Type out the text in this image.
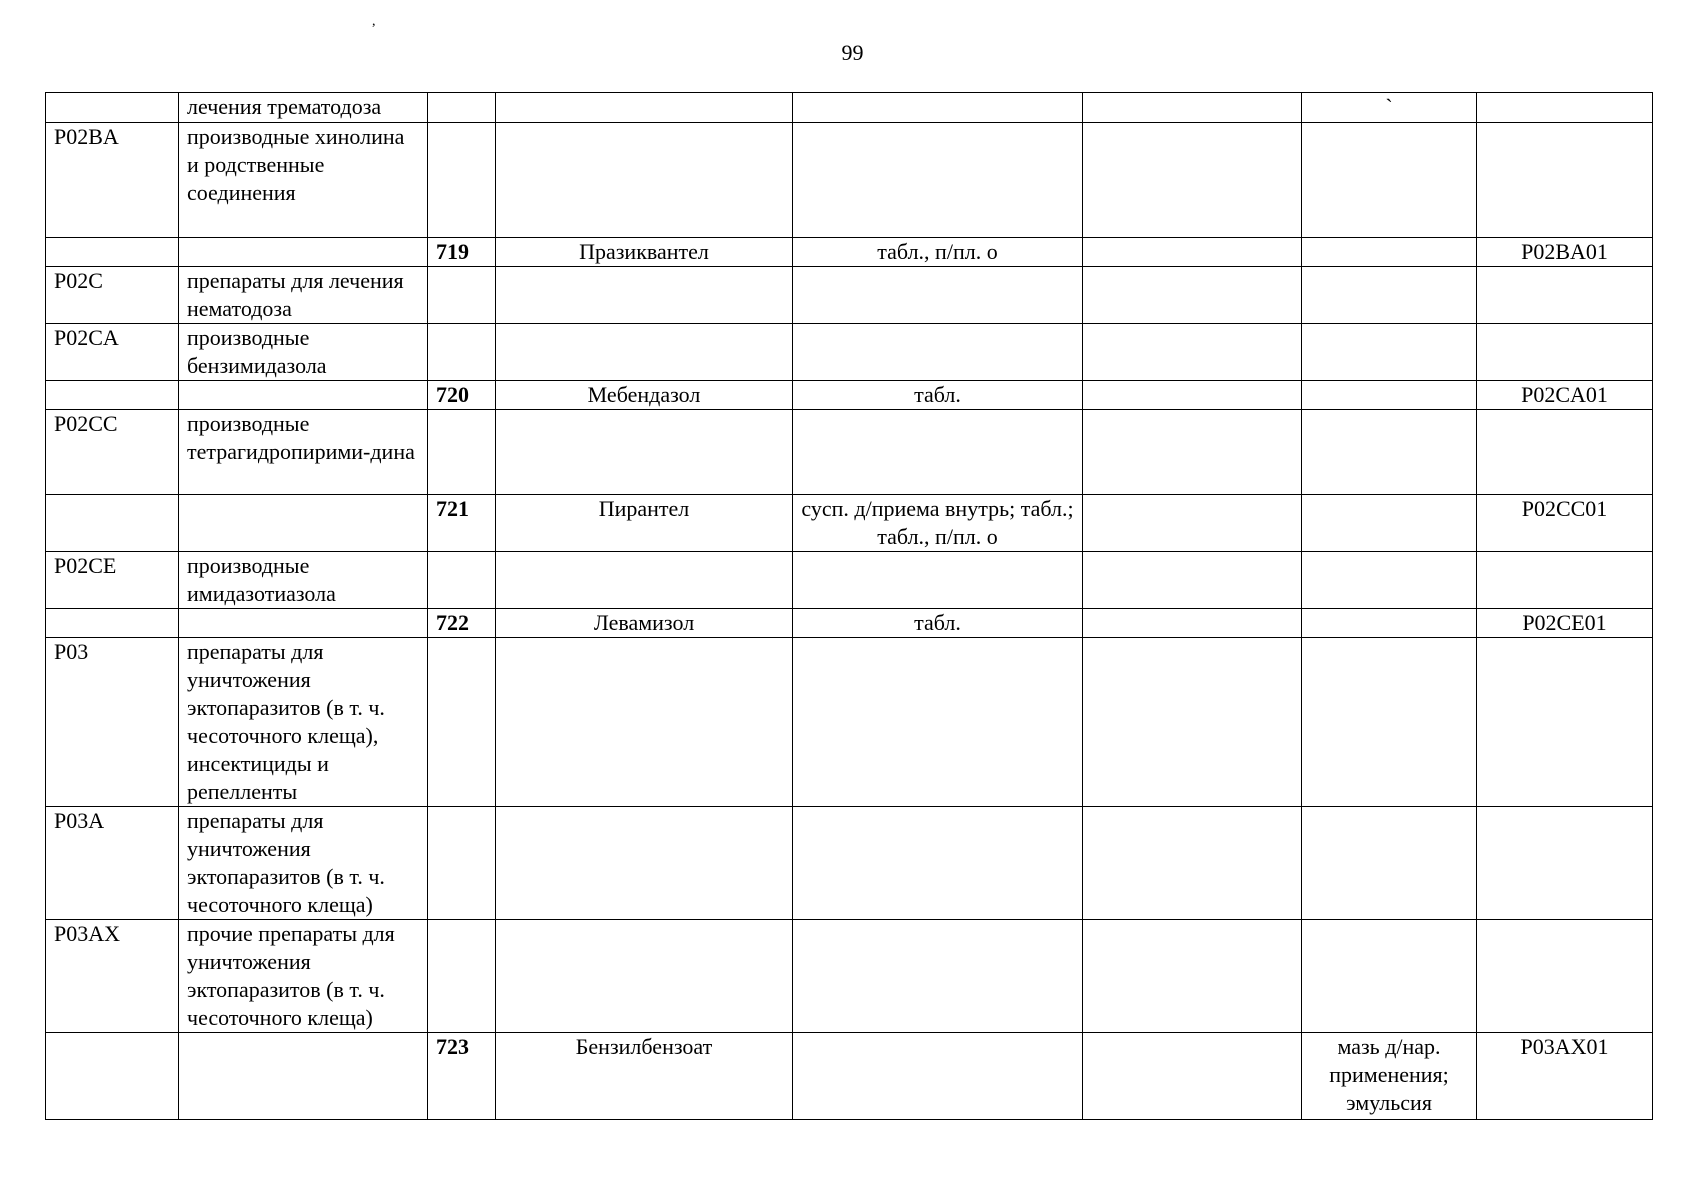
,
99
	лечения трематодоза					`	
P02BA	производные хинолина и родственные соединения						
		719	Празиквантел	табл., п/пл. о			P02BA01
P02C	препараты для лечения нематодоза						
P02CA	производные бензимидазола						
		720	Мебендазол	табл.			P02CA01
P02CC	производные тетрагидропирими-дина						
		721	Пирантел	сусп. д/приема внутрь; табл.; табл., п/пл. о			P02CC01
P02CE	производные имидазотиазола						
		722	Левамизол	табл.			P02CE01
P03	препараты для уничтожения эктопаразитов (в т. ч. чесоточного клеща), инсектициды и репелленты						
P03A	препараты для уничтожения эктопаразитов (в т. ч. чесоточного клеща)						
P03AX	прочие препараты для уничтожения эктопаразитов (в т. ч. чесоточного клеща)						
		723	Бензилбензоат			мазь д/нар. применения; эмульсия	P03AX01
